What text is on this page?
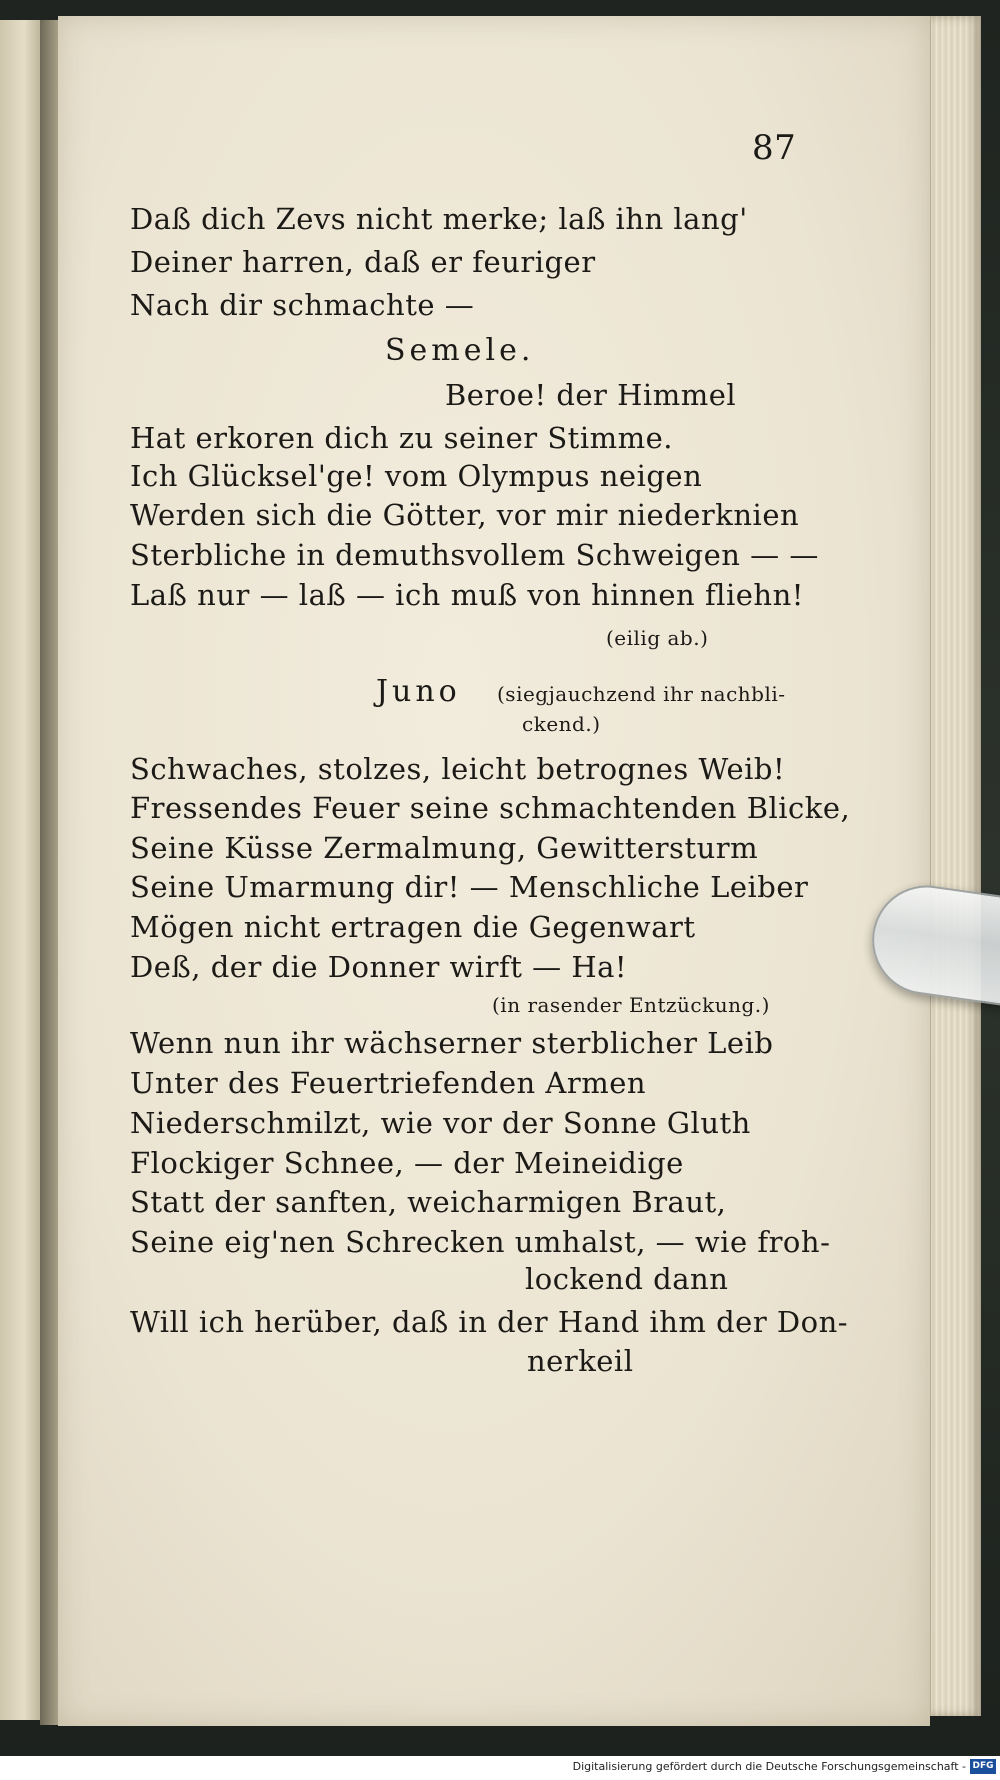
87
Daß dich Zevs nicht merke; laß ihn lang'
Deiner harren, daß er feuriger
Nach dir schmachte —
Semele.
Beroe! der Himmel
Hat erkoren dich zu seiner Stimme.
Ich Glücksel'ge! vom Olympus neigen
Werden sich die Götter, vor mir niederknien
Sterbliche in demuthsvollem Schweigen — —
Laß nur — laß — ich muß von hinnen fliehn!
(eilig ab.)
Juno (siegjauchzend ihr nachbli-
ckend.)
Schwaches, stolzes, leicht betrognes Weib!
Fressendes Feuer seine schmachtenden Blicke,
Seine Küsse Zermalmung, Gewittersturm
Seine Umarmung dir! — Menschliche Leiber
Mögen nicht ertragen die Gegenwart
Deß, der die Donner wirft — Ha!
(in rasender Entzückung.)
Wenn nun ihr wächserner sterblicher Leib
Unter des Feuertriefenden Armen
Niederschmilzt, wie vor der Sonne Gluth
Flockiger Schnee, — der Meineidige
Statt der sanften, weicharmigen Braut,
Seine eig'nen Schrecken umhalst, — wie froh-
lockend dann
Will ich herüber, daß in der Hand ihm der Don-
nerkeil
Digitalisierung gefördert durch die Deutsche Forschungsgemeinschaft - DFG
